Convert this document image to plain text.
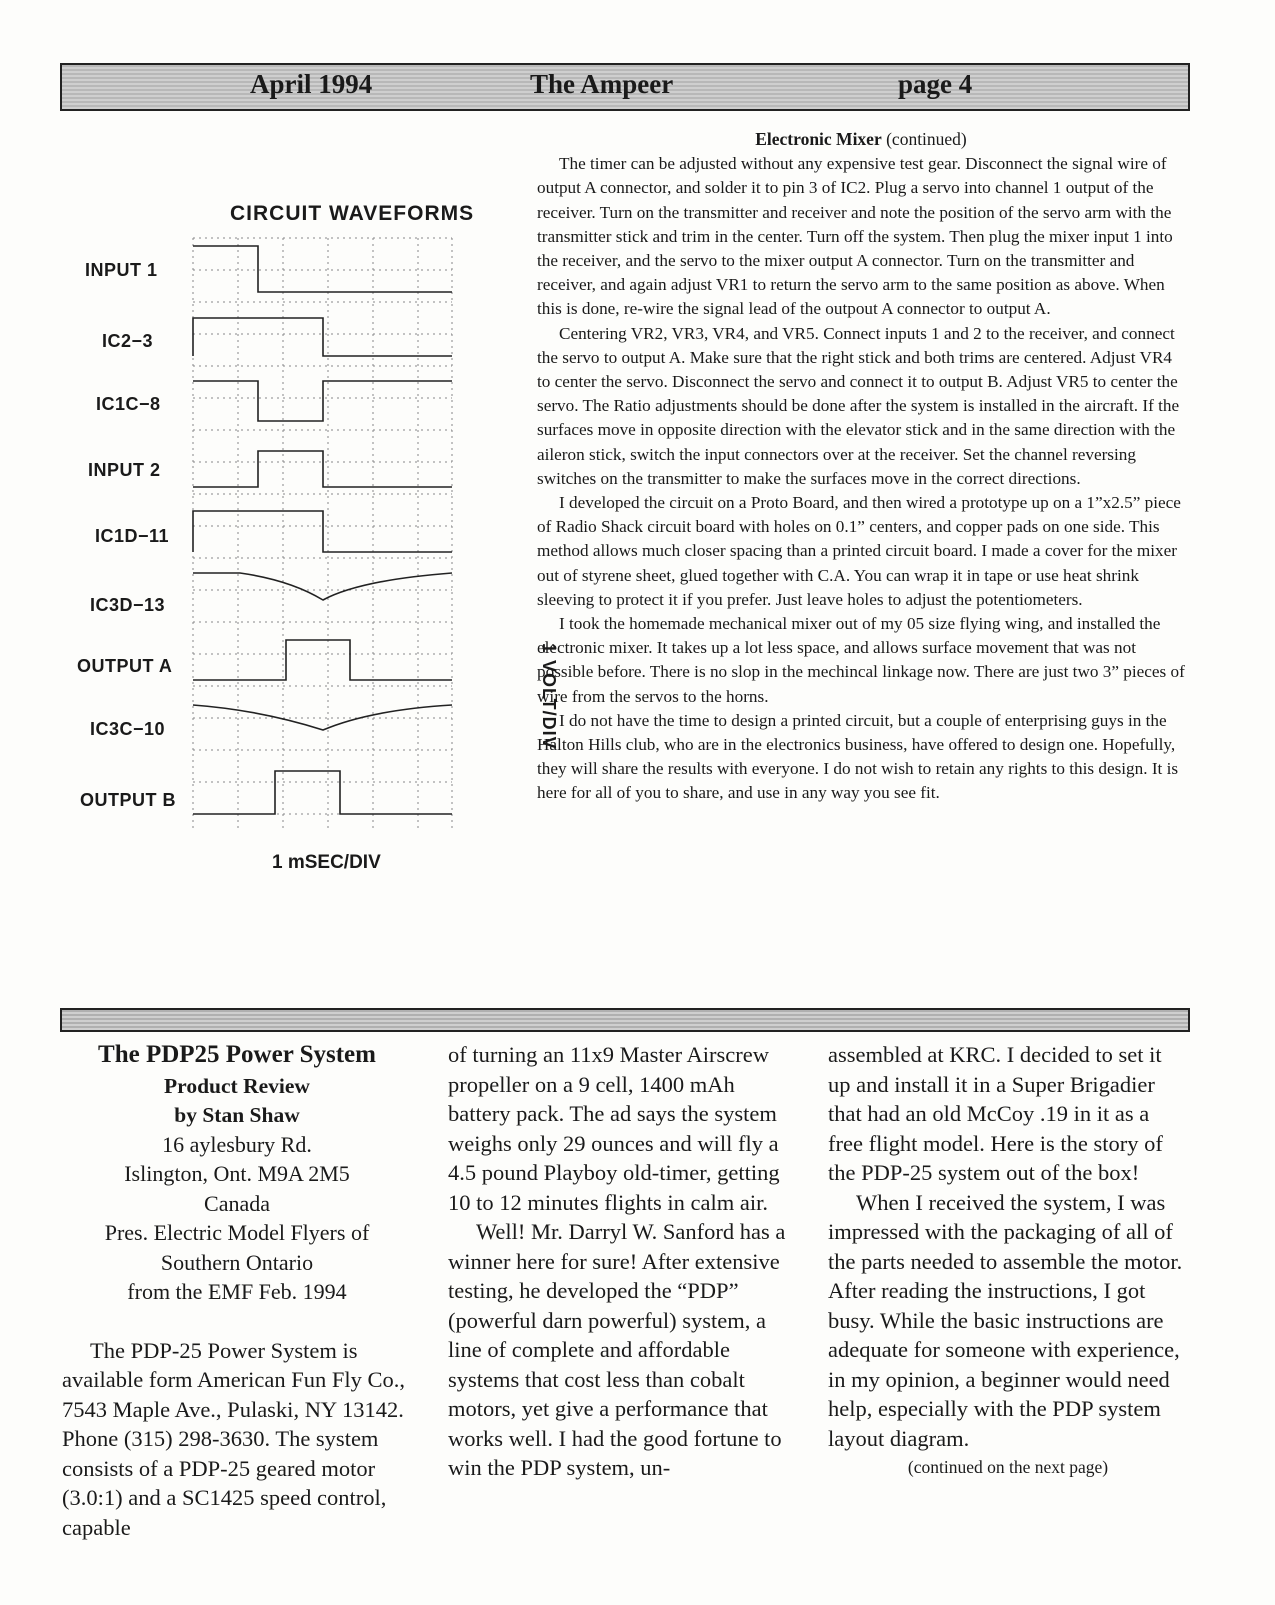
April 1994	The Ampeer	page 4
CIRCUIT WAVEFORMS
INPUT 1
IC2−3
IC1C−8
INPUT 2
IC1D−11
IC3D−13
OUTPUT A
IC3C−10
OUTPUT B
1 VOLT/DIV
1 mSEC/DIV
Electronic Mixer (continued)

The timer can be adjusted without any expensive test gear. Disconnect the signal wire of output A connector, and solder it to pin 3 of IC2. Plug a servo into channel 1 output of the receiver. Turn on the transmitter and receiver and note the position of the servo arm with the transmitter stick and trim in the center. Turn off the system. Then plug the mixer input 1 into the receiver, and the servo to the mixer output A connector. Turn on the transmitter and receiver, and again adjust VR1 to return the servo arm to the same position as above. When this is done, re-wire the signal lead of the outpout A connector to output A.

Centering VR2, VR3, VR4, and VR5. Connect inputs 1 and 2 to the receiver, and connect the servo to output A. Make sure that the right stick and both trims are centered. Adjust VR4 to center the servo. Disconnect the servo and connect it to output B. Adjust VR5 to center the servo. The Ratio adjustments should be done after the system is installed in the aircraft. If the surfaces move in opposite direction with the elevator stick and in the same direction with the aileron stick, switch the input connectors over at the receiver. Set the channel reversing switches on the transmitter to make the surfaces move in the correct directions.

I developed the circuit on a Proto Board, and then wired a prototype up on a 1”x2.5” piece of Radio Shack circuit board with holes on 0.1” centers, and copper pads on one side. This method allows much closer spacing than a printed circuit board. I made a cover for the mixer out of styrene sheet, glued together with C.A. You can wrap it in tape or use heat shrink sleeving to protect it if you prefer. Just leave holes to adjust the potentiometers.

I took the homemade mechanical mixer out of my 05 size flying wing, and installed the electronic mixer. It takes up a lot less space, and allows surface movement that was not possible before. There is no slop in the mechincal linkage now. There are just two 3” pieces of wire from the servos to the horns.

I do not have the time to design a printed circuit, but a couple of enterprising guys in the Halton Hills club, who are in the electronics business, have offered to design one. Hopefully, they will share the results with everyone. I do not wish to retain any rights to this design. It is here for all of you to share, and use in any way you see fit.

The PDP25 Power System
Product Review
by Stan Shaw
16 aylesbury Rd.
Islington, Ont. M9A 2M5
Canada
Pres. Electric Model Flyers of
Southern Ontario
from the EMF Feb. 1994

The PDP-25 Power System is available form American Fun Fly Co., 7543 Maple Ave., Pulaski, NY 13142. Phone (315) 298-3630. The system consists of a PDP-25 geared motor (3.0:1) and a SC1425 speed control, capable

of turning an 11x9 Master Airscrew propeller on a 9 cell, 1400 mAh battery pack. The ad says the system weighs only 29 ounces and will fly a 4.5 pound Playboy old-timer, getting 10 to 12 minutes flights in calm air.

Well! Mr. Darryl W. Sanford has a winner here for sure! After extensive testing, he developed the “PDP” (powerful darn powerful) system, a line of complete and affordable systems that cost less than cobalt motors, yet give a performance that works well. I had the good fortune to win the PDP system, un-

assembled at KRC. I decided to set it up and install it in a Super Brigadier that had an old McCoy .19 in it as a free flight model. Here is the story of the PDP-25 system out of the box!

When I received the system, I was impressed with the packaging of all of the parts needed to assemble the motor. After reading the instructions, I got busy. While the basic instructions are adequate for someone with experience, in my opinion, a beginner would need help, especially with the PDP system layout diagram.

(continued on the next page)
